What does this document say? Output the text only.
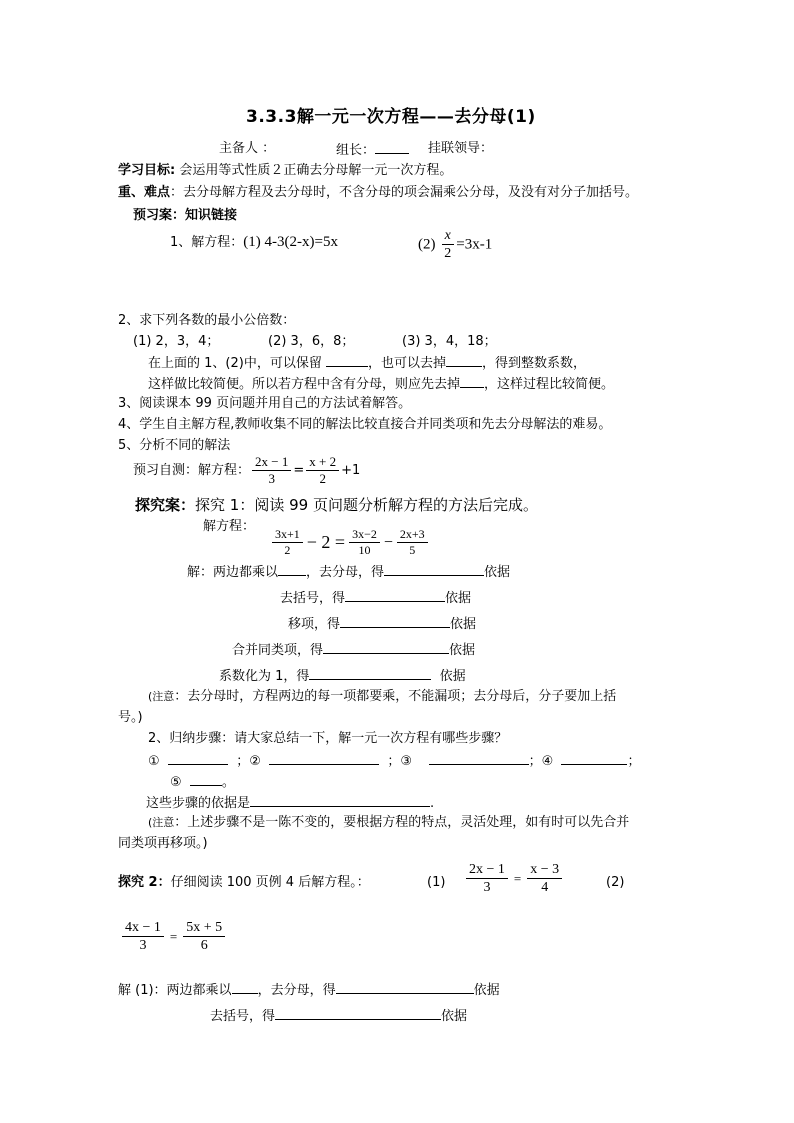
3.3.3解一元一次方程——去分母(1)
主备人 ：	组长：	挂联领导：
学习目标: 会运用等式性质２正确去分母解一元一次方程。
重、难点：去分母解方程及去分母时，不含分母的项会漏乘公分母，及没有对分子加括号。
预习案：知识链接
1、解方程：(1) 4-3(2-x)=5x	$(2) \frac{x}{2} =3x-1$
2、求下列各数的最小公倍数：
(1) 2，3，4；	(2) 3，6，8；	(3) 3，4，18；
在上面的 1、(2)中，可以保留	，也可以去掉	，得到整数系数，
这样做比较简便。所以若方程中含有分母，则应先去掉 ，这样过程比较简便。
3、阅读课本 99 页问题并用自己的方法试着解答。
4、学生自主解方程,教师收集不同的解法比较直接合并同类项和先去分母解法的难易。
5、分析不同的解法
预习自测：解方程： $\frac{2x - 1}{3} = \frac{x + 2}{2} +1$
探究案：探究 1：阅读 99 页问题分析解方程的方法后完成。
解方程：
$\frac{3x+1}{2} - 2 = \frac{3x-2}{10} - \frac{2x+3}{5}$
解：两边都乘以 ，去分母，得	依据
去括号，得	依据
移项，得	依据
合并同类项，得	依据
系数化为 1，得	依据
(注意：去分母时，方程两边的每一项都要乘，不能漏项；去分母后，分子要加上括
号。)
2、归纳步骤：请大家总结一下，解一元一次方程有哪些步骤？
①	；②	；③	；④	；
⑤	。
这些步骤的依据是	.
(注意：上述步骤不是一陈不变的，要根据方程的特点，灵活处理，如有时可以先合并
同类项再移项。)
探究 2：仔细阅读 100 页例 4 后解方程。：	$(1) \frac{2x - 1}{3} = \frac{x - 3}{4}$	(2)
$\frac{4x - 1}{3} = \frac{5x + 5}{6}$
解 (1)：两边都乘以 ，去分母，得	依据
去括号，得	依据
